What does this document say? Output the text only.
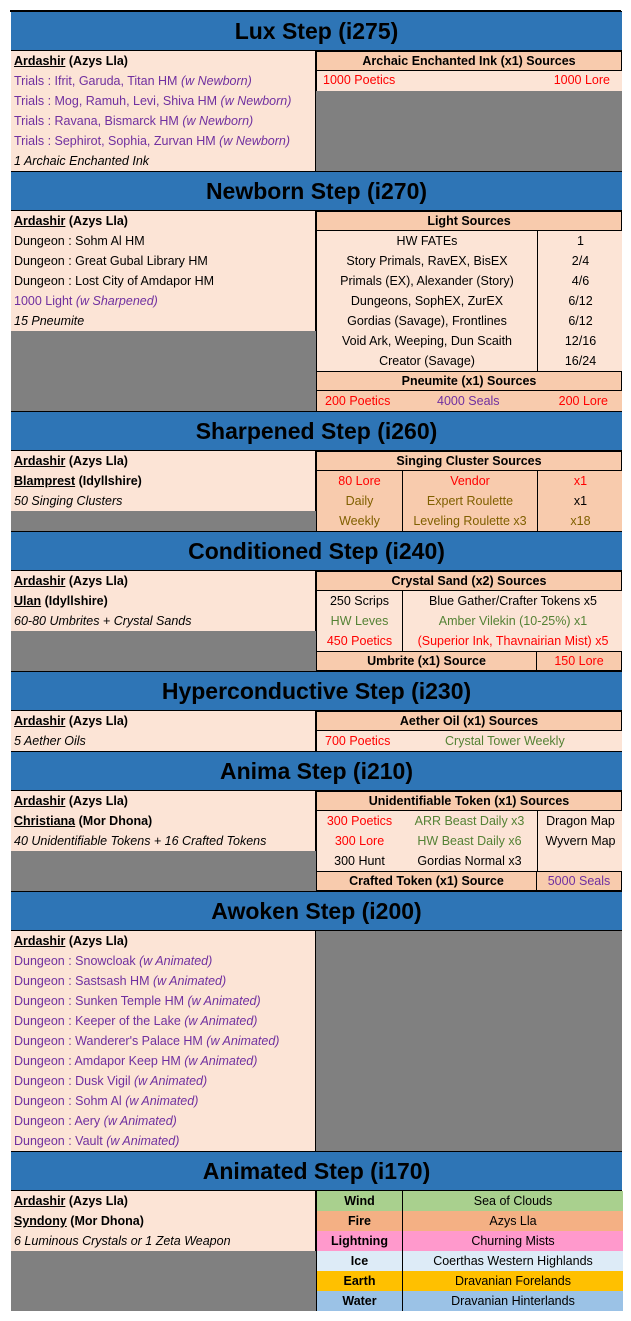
Lux Step (i275)
Ardashir (Azys Lla)
Trials : Ifrit, Garuda, Titan HM (w Newborn)
Trials : Mog, Ramuh, Levi, Shiva HM (w Newborn)
Trials : Ravana, Bismarck HM (w Newborn)
Trials : Sephirot, Sophia, Zurvan HM (w Newborn)
1 Archaic Enchanted Ink
Archaic Enchanted Ink (x1) Sources
1000 Poetics	1000 Lore
Newborn Step (i270)
Ardashir (Azys Lla)
Dungeon : Sohm Al HM
Dungeon : Great Gubal Library HM
Dungeon : Lost City of Amdapor HM
1000 Light (w Sharpened)
15 Pneumite
Light Sources
HW FATEs	1
Story Primals, RavEX, BisEX	2/4
Primals (EX), Alexander (Story)	4/6
Dungeons, SophEX, ZurEX	6/12
Gordias (Savage), Frontlines	6/12
Void Ark, Weeping, Dun Scaith	12/16
Creator (Savage)	16/24
Pneumite (x1) Sources
200 Poetics	4000 Seals	200 Lore
Sharpened Step (i260)
Ardashir (Azys Lla)
Blamprest (Idyllshire)
50 Singing Clusters
Singing Cluster Sources
80 Lore	Vendor	x1
Daily	Expert Roulette	x1
Weekly	Leveling Roulette x3	x18
Conditioned Step (i240)
Ardashir (Azys Lla)
Ulan (Idyllshire)
60-80 Umbrites + Crystal Sands
Crystal Sand (x2) Sources
250 Scrips	Blue Gather/Crafter Tokens x5
HW Leves	Amber Vilekin (10-25%) x1
450 Poetics	(Superior Ink, Thavnairian Mist) x5
Umbrite (x1) Source	150 Lore
Hyperconductive Step (i230)
Ardashir (Azys Lla)
5 Aether Oils
Aether Oil (x1) Sources
700 Poetics	Crystal Tower Weekly
Anima Step (i210)
Ardashir (Azys Lla)
Christiana (Mor Dhona)
40 Unidentifiable Tokens + 16 Crafted Tokens
Unidentifiable Token (x1) Sources
300 Poetics	ARR Beast Daily x3	Dragon Map
300 Lore	HW Beast Daily x6	Wyvern Map
300 Hunt	Gordias Normal x3
Crafted Token (x1) Source	5000 Seals
Awoken Step (i200)
Ardashir (Azys Lla)
Dungeon : Snowcloak (w Animated)
Dungeon : Sastsash HM (w Animated)
Dungeon : Sunken Temple HM (w Animated)
Dungeon : Keeper of the Lake (w Animated)
Dungeon : Wanderer's Palace HM (w Animated)
Dungeon : Amdapor Keep HM (w Animated)
Dungeon : Dusk Vigil (w Animated)
Dungeon : Sohm Al (w Animated)
Dungeon : Aery (w Animated)
Dungeon : Vault (w Animated)
Animated Step (i170)
Ardashir (Azys Lla)
Syndony (Mor Dhona)
6 Luminous Crystals or 1 Zeta Weapon
Wind	Sea of Clouds
Fire	Azys Lla
Lightning	Churning Mists
Ice	Coerthas Western Highlands
Earth	Dravanian Forelands
Water	Dravanian Hinterlands
